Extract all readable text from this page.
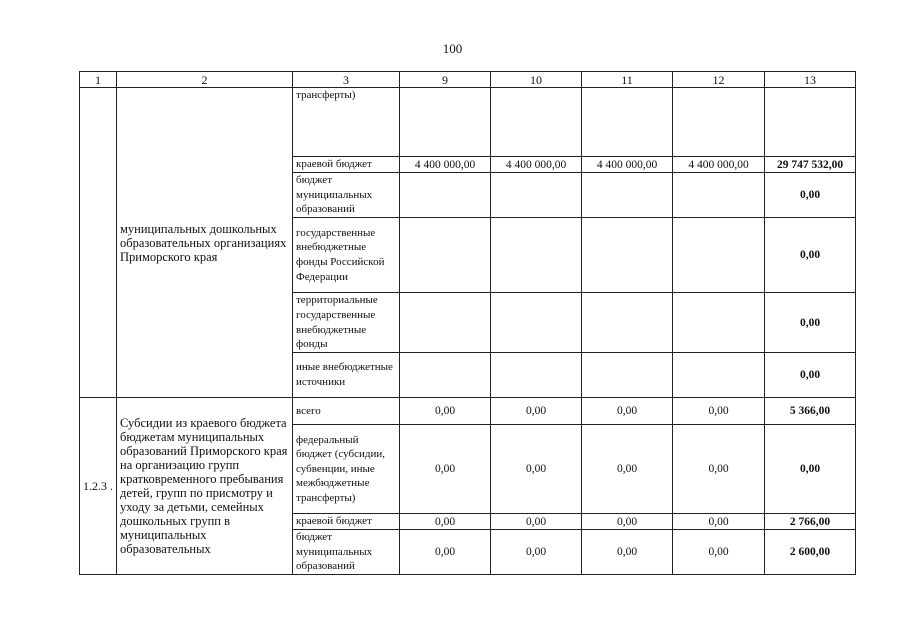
100
1	2	3	9	10	11	12	13
	муниципальных дошкольных образовательных организациях Приморского края	трансферты)					
		краевой бюджет	4 400 000,00	4 400 000,00	4 400 000,00	4 400 000,00	29 747 532,00
		бюджет муниципальных образований					0,00
		государственные внебюджетные фонды Российской Федерации					0,00
		территориальные государственные внебюджетные фонды					0,00
		иные внебюджетные источники					0,00
1.2.3 .	Субсидии из краевого бюджета бюджетам муниципальных образований Приморского края на организацию групп кратковременного пребывания детей, групп по присмотру и уходу за детьми, семейных дошкольных групп в муниципальных образовательных	всего	0,00	0,00	0,00	0,00	5 366,00
		федеральный бюджет (субсидии, субвенции, иные межбюджетные трансферты)	0,00	0,00	0,00	0,00	0,00
		краевой бюджет	0,00	0,00	0,00	0,00	2 766,00
		бюджет муниципальных образований	0,00	0,00	0,00	0,00	2 600,00
